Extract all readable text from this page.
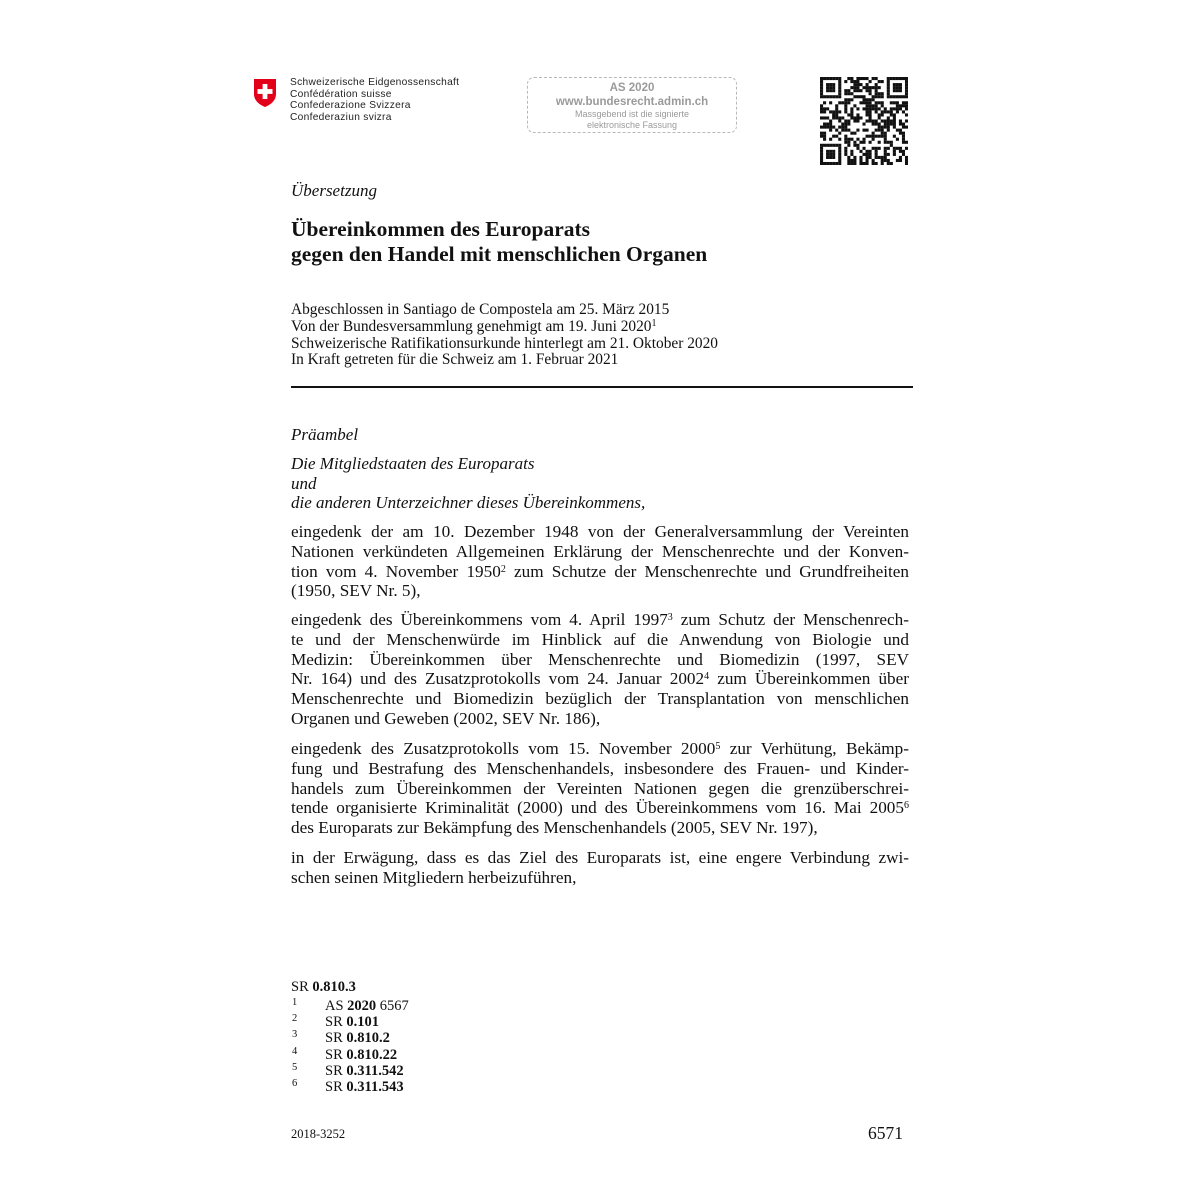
Schweizerische Eidgenossenschaft
Confédération suisse
Confederazione Svizzera
Confederaziun svizra
AS 2020
www.bundesrecht.admin.ch
Massgebend ist die signierte
elektronische Fassung
Übersetzung
Übereinkommen des Europarats
gegen den Handel mit menschlichen Organen
Abgeschlossen in Santiago de Compostela am 25. März 2015
Von der Bundesversammlung genehmigt am 19. Juni 2020$^1$
Schweizerische Ratifikationsurkunde hinterlegt am 21. Oktober 2020
In Kraft getreten für die Schweiz am 1. Februar 2021
Präambel
Die Mitgliedstaaten des Europarats
und
die anderen Unterzeichner dieses Übereinkommens,
eingedenk der am 10. Dezember 1948 von der Generalversammlung der Vereinten
Nationen verkündeten Allgemeinen Erklärung der Menschenrechte und der Konven-
tion vom 4. November 1950$^2$ zum Schutze der Menschenrechte und Grundfreiheiten
(1950, SEV Nr. 5),
eingedenk des Übereinkommens vom 4. April 1997$^3$ zum Schutz der Menschenrech-
te und der Menschenwürde im Hinblick auf die Anwendung von Biologie und
Medizin: Übereinkommen über Menschenrechte und Biomedizin (1997, SEV
Nr. 164) und des Zusatzprotokolls vom 24. Januar 2002$^4$ zum Übereinkommen über
Menschenrechte und Biomedizin bezüglich der Transplantation von menschlichen
Organen und Geweben (2002, SEV Nr. 186),
eingedenk des Zusatzprotokolls vom 15. November 2000$^5$ zur Verhütung, Bekämp-
fung und Bestrafung des Menschenhandels, insbesondere des Frauen- und Kinder-
handels zum Übereinkommen der Vereinten Nationen gegen die grenzüberschrei-
tende organisierte Kriminalität (2000) und des Übereinkommens vom 16. Mai 2005$^6$
des Europarats zur Bekämpfung des Menschenhandels (2005, SEV Nr. 197),
in der Erwägung, dass es das Ziel des Europarats ist, eine engere Verbindung zwi-
schen seinen Mitgliedern herbeizuführen,
SR 0.810.3
1 AS 2020 6567
2 SR 0.101
3 SR 0.810.2
4 SR 0.810.22
5 SR 0.311.542
6 SR 0.311.543
2018-3252	6571
